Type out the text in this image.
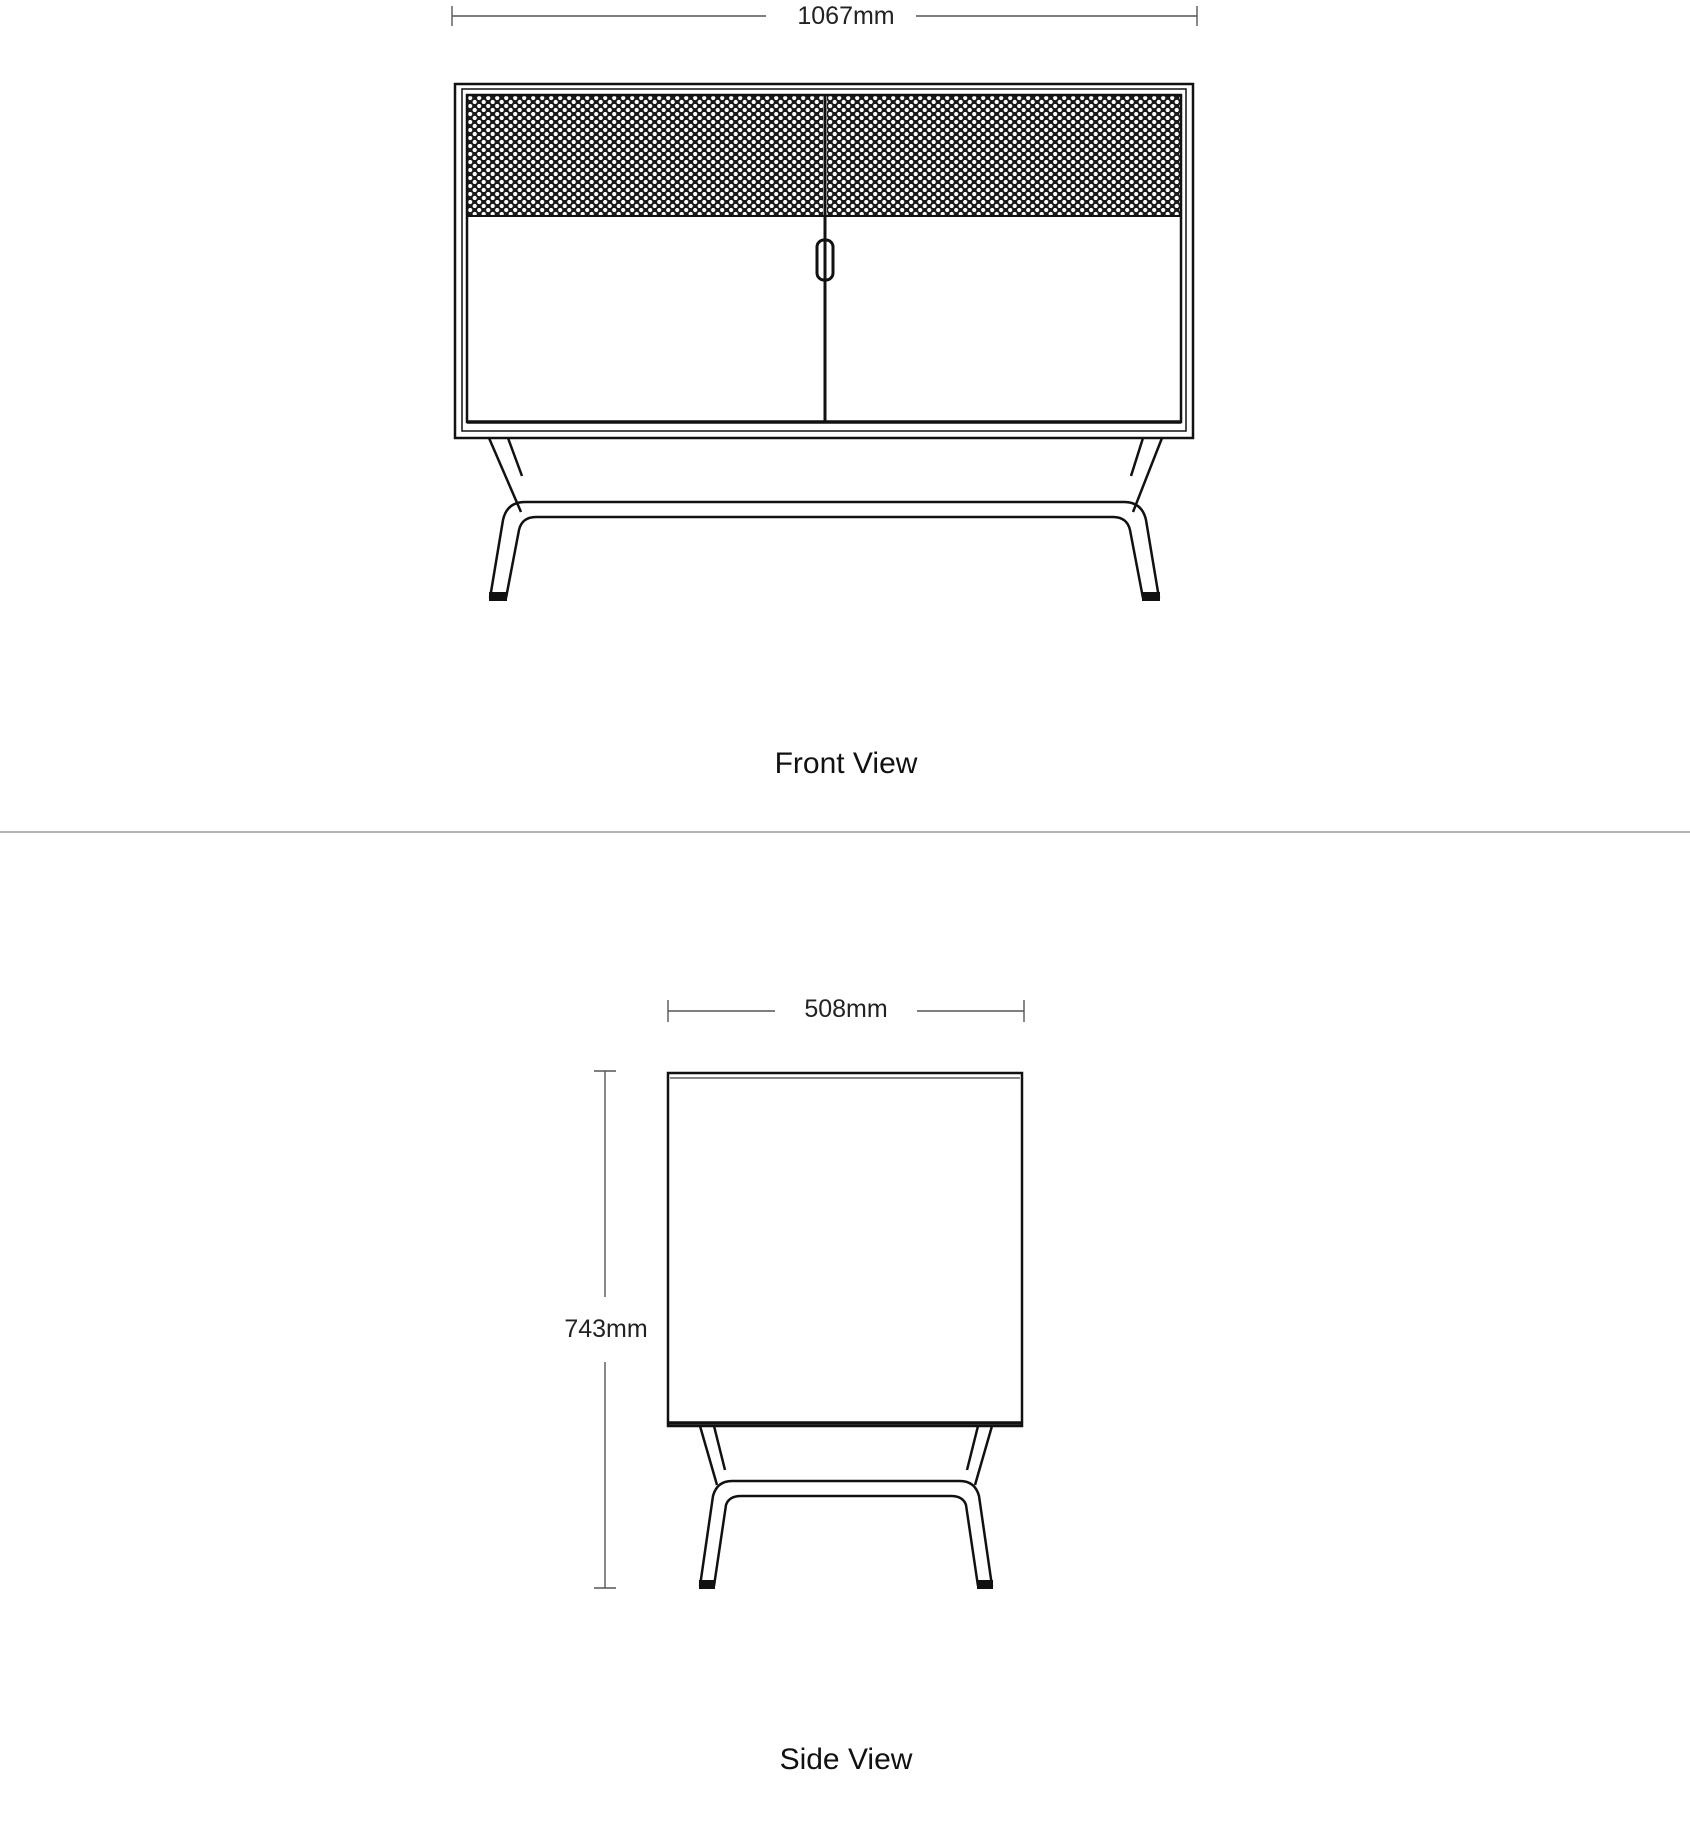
1067mm
Front View
508mm
743mm
Side View
